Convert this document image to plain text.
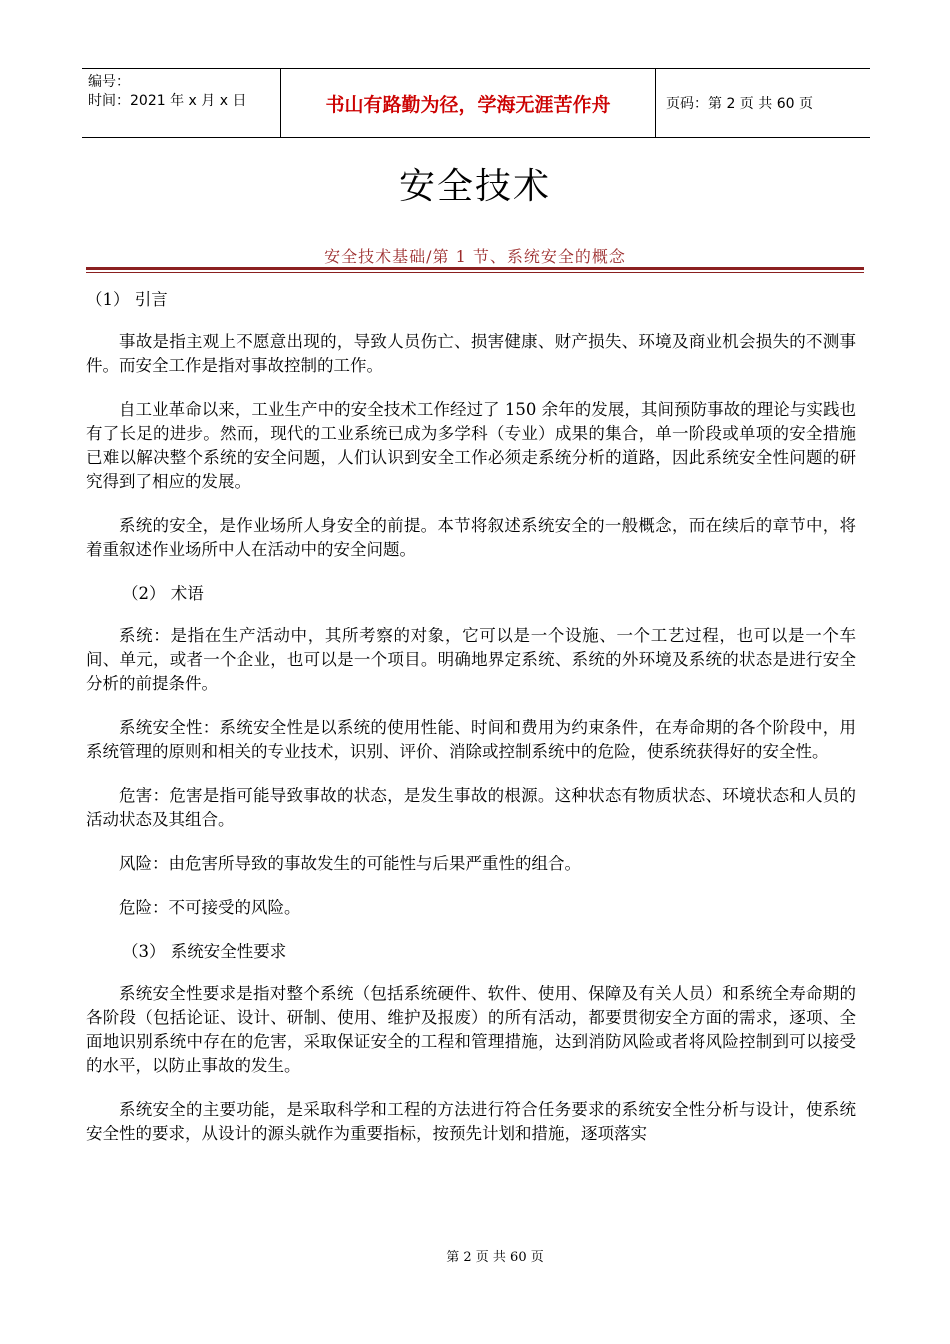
编号：
时间：2021 年 x 月 x 日	书山有路勤为径，学海无涯苦作舟	页码：第 2 页 共 60 页
安全技术
安全技术基础/第 1 节、系统安全的概念

（1） 引言

事故是指主观上不愿意出现的，导致人员伤亡、损害健康、财产损失、环境及商业机会损失的不测事件。而安全工作是指对事故控制的工作。

自工业革命以来，工业生产中的安全技术工作经过了 150 余年的发展，其间预防事故的理论与实践也有了长足的进步。然而，现代的工业系统已成为多学科（专业）成果的集合，单一阶段或单项的安全措施已难以解决整个系统的安全问题，人们认识到安全工作必须走系统分析的道路，因此系统安全性问题的研究得到了相应的发展。

系统的安全，是作业场所人身安全的前提。本节将叙述系统安全的一般概念，而在续后的章节中，将着重叙述作业场所中人在活动中的安全问题。

（2） 术语

系统：是指在生产活动中，其所考察的对象，它可以是一个设施、一个工艺过程，也可以是一个车间、单元，或者一个企业，也可以是一个项目。明确地界定系统、系统的外环境及系统的状态是进行安全分析的前提条件。

系统安全性：系统安全性是以系统的使用性能、时间和费用为约束条件，在寿命期的各个阶段中，用系统管理的原则和相关的专业技术，识别、评价、消除或控制系统中的危险，使系统获得好的安全性。

危害：危害是指可能导致事故的状态，是发生事故的根源。这种状态有物质状态、环境状态和人员的活动状态及其组合。

风险：由危害所导致的事故发生的可能性与后果严重性的组合。

危险：不可接受的风险。

（3） 系统安全性要求

系统安全性要求是指对整个系统（包括系统硬件、软件、使用、保障及有关人员）和系统全寿命期的各阶段（包括论证、设计、研制、使用、维护及报废）的所有活动，都要贯彻安全方面的需求，逐项、全面地识别系统中存在的危害，采取保证安全的工程和管理措施，达到消防风险或者将风险控制到可以接受的水平，以防止事故的发生。

系统安全的主要功能，是采取科学和工程的方法进行符合任务要求的系统安全性分析与设计，使系统安全性的要求，从设计的源头就作为重要指标，按预先计划和措施，逐项落实

第 2 页 共 60 页
